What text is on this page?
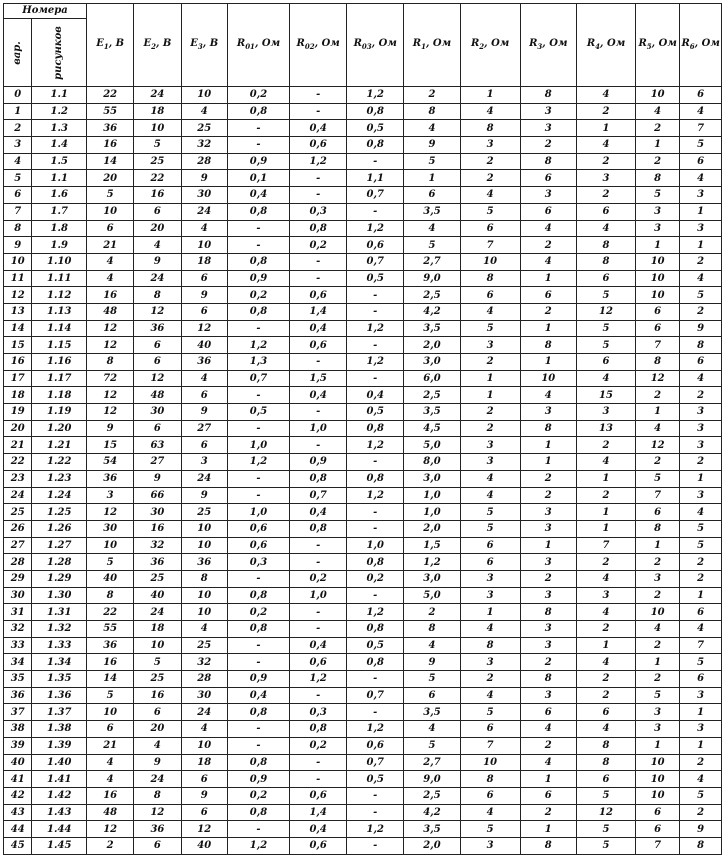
Номера		$E_1$, В	$E_2$, В	$E_3$, В	$R_{01}$, Ом	$R_{02}$, Ом	$R_{03}$, Ом	$R_1$, Ом	$R_2$, Ом	$R_3$, Ом	$R_4$, Ом	$R_5$, Ом	$R_6$, Ом
вар.	рисунков												
0	1.1	22	24	10	0,2	-	1,2	2	1	8	4	10	6
1	1.2	55	18	4	0,8	-	0,8	8	4	3	2	4	4
2	1.3	36	10	25	-	0,4	0,5	4	8	3	1	2	7
3	1.4	16	5	32	-	0,6	0,8	9	3	2	4	1	5
4	1.5	14	25	28	0,9	1,2	-	5	2	8	2	2	6
5	1.1	20	22	9	0,1	-	1,1	1	2	6	3	8	4
6	1.6	5	16	30	0,4	-	0,7	6	4	3	2	5	3
7	1.7	10	6	24	0,8	0,3	-	3,5	5	6	6	3	1
8	1.8	6	20	4	-	0,8	1,2	4	6	4	4	3	3
9	1.9	21	4	10	-	0,2	0,6	5	7	2	8	1	1
10	1.10	4	9	18	0,8	-	0,7	2,7	10	4	8	10	2
11	1.11	4	24	6	0,9	-	0,5	9,0	8	1	6	10	4
12	1.12	16	8	9	0,2	0,6	-	2,5	6	6	5	10	5
13	1.13	48	12	6	0,8	1,4	-	4,2	4	2	12	6	2
14	1.14	12	36	12	-	0,4	1,2	3,5	5	1	5	6	9
15	1.15	12	6	40	1,2	0,6	-	2,0	3	8	5	7	8
16	1.16	8	6	36	1,3	-	1,2	3,0	2	1	6	8	6
17	1.17	72	12	4	0,7	1,5	-	6,0	1	10	4	12	4
18	1.18	12	48	6	-	0,4	0,4	2,5	1	4	15	2	2
19	1.19	12	30	9	0,5	-	0,5	3,5	2	3	3	1	3
20	1.20	9	6	27	-	1,0	0,8	4,5	2	8	13	4	3
21	1.21	15	63	6	1,0	-	1,2	5,0	3	1	2	12	3
22	1.22	54	27	3	1,2	0,9	-	8,0	3	1	4	2	2
23	1.23	36	9	24	-	0,8	0,8	3,0	4	2	1	5	1
24	1.24	3	66	9	-	0,7	1,2	1,0	4	2	2	7	3
25	1.25	12	30	25	1,0	0,4	-	1,0	5	3	1	6	4
26	1.26	30	16	10	0,6	0,8	-	2,0	5	3	1	8	5
27	1.27	10	32	10	0,6	-	1,0	1,5	6	1	7	1	5
28	1.28	5	36	36	0,3	-	0,8	1,2	6	3	2	2	2
29	1.29	40	25	8	-	0,2	0,2	3,0	3	2	4	3	2
30	1.30	8	40	10	0,8	1,0	-	5,0	3	3	3	2	1
31	1.31	22	24	10	0,2	-	1,2	2	1	8	4	10	6
32	1.32	55	18	4	0,8	-	0,8	8	4	3	2	4	4
33	1.33	36	10	25	-	0,4	0,5	4	8	3	1	2	7
34	1.34	16	5	32	-	0,6	0,8	9	3	2	4	1	5
35	1.35	14	25	28	0,9	1,2	-	5	2	8	2	2	6
36	1.36	5	16	30	0,4	-	0,7	6	4	3	2	5	3
37	1.37	10	6	24	0,8	0,3	-	3,5	5	6	6	3	1
38	1.38	6	20	4	-	0,8	1,2	4	6	4	4	3	3
39	1.39	21	4	10	-	0,2	0,6	5	7	2	8	1	1
40	1.40	4	9	18	0,8	-	0,7	2,7	10	4	8	10	2
41	1.41	4	24	6	0,9	-	0,5	9,0	8	1	6	10	4
42	1.42	16	8	9	0,2	0,6	-	2,5	6	6	5	10	5
43	1.43	48	12	6	0,8	1,4	-	4,2	4	2	12	6	2
44	1.44	12	36	12	-	0,4	1,2	3,5	5	1	5	6	9
45	1.45	2	6	40	1,2	0,6	-	2,0	3	8	5	7	8
